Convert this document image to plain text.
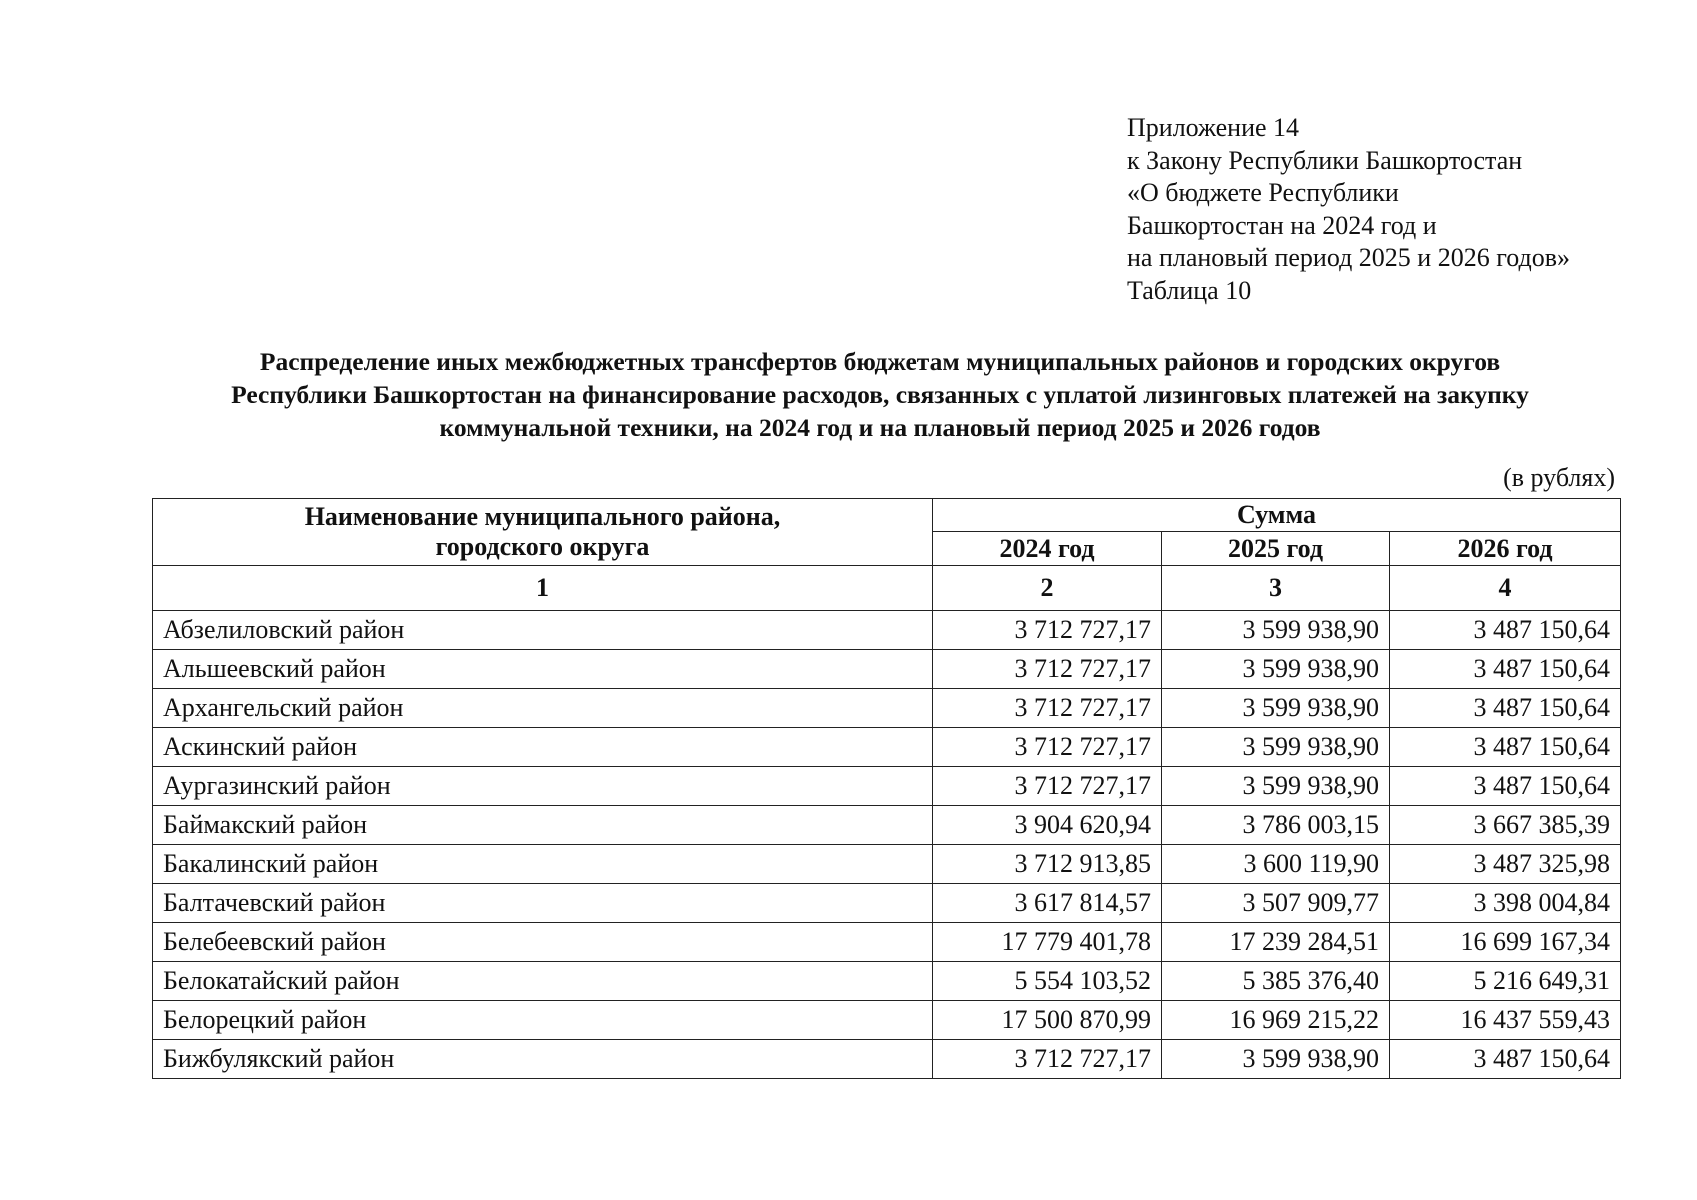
Приложение 14
к Закону Республики Башкортостан
«О бюджете Республики
Башкортостан на 2024 год и
на плановый период 2025 и 2026 годов»
Таблица 10
Распределение иных межбюджетных трансфертов бюджетам муниципальных районов и городских округов
Республики Башкортостан на финансирование расходов, связанных с уплатой лизинговых платежей на закупку
коммунальной техники, на 2024 год и на плановый период 2025 и 2026 годов
(в рублях)
Наименование муниципального района, городского округа	Сумма		
	2024 год	2025 год	2026 год
1	2	3	4
Абзелиловский район	3 712 727,17	3 599 938,90	3 487 150,64
Альшеевский район	3 712 727,17	3 599 938,90	3 487 150,64
Архангельский район	3 712 727,17	3 599 938,90	3 487 150,64
Аскинский район	3 712 727,17	3 599 938,90	3 487 150,64
Аургазинский район	3 712 727,17	3 599 938,90	3 487 150,64
Баймакский район	3 904 620,94	3 786 003,15	3 667 385,39
Бакалинский район	3 712 913,85	3 600 119,90	3 487 325,98
Балтачевский район	3 617 814,57	3 507 909,77	3 398 004,84
Белебеевский район	17 779 401,78	17 239 284,51	16 699 167,34
Белокатайский район	5 554 103,52	5 385 376,40	5 216 649,31
Белорецкий район	17 500 870,99	16 969 215,22	16 437 559,43
Бижбулякский район	3 712 727,17	3 599 938,90	3 487 150,64
